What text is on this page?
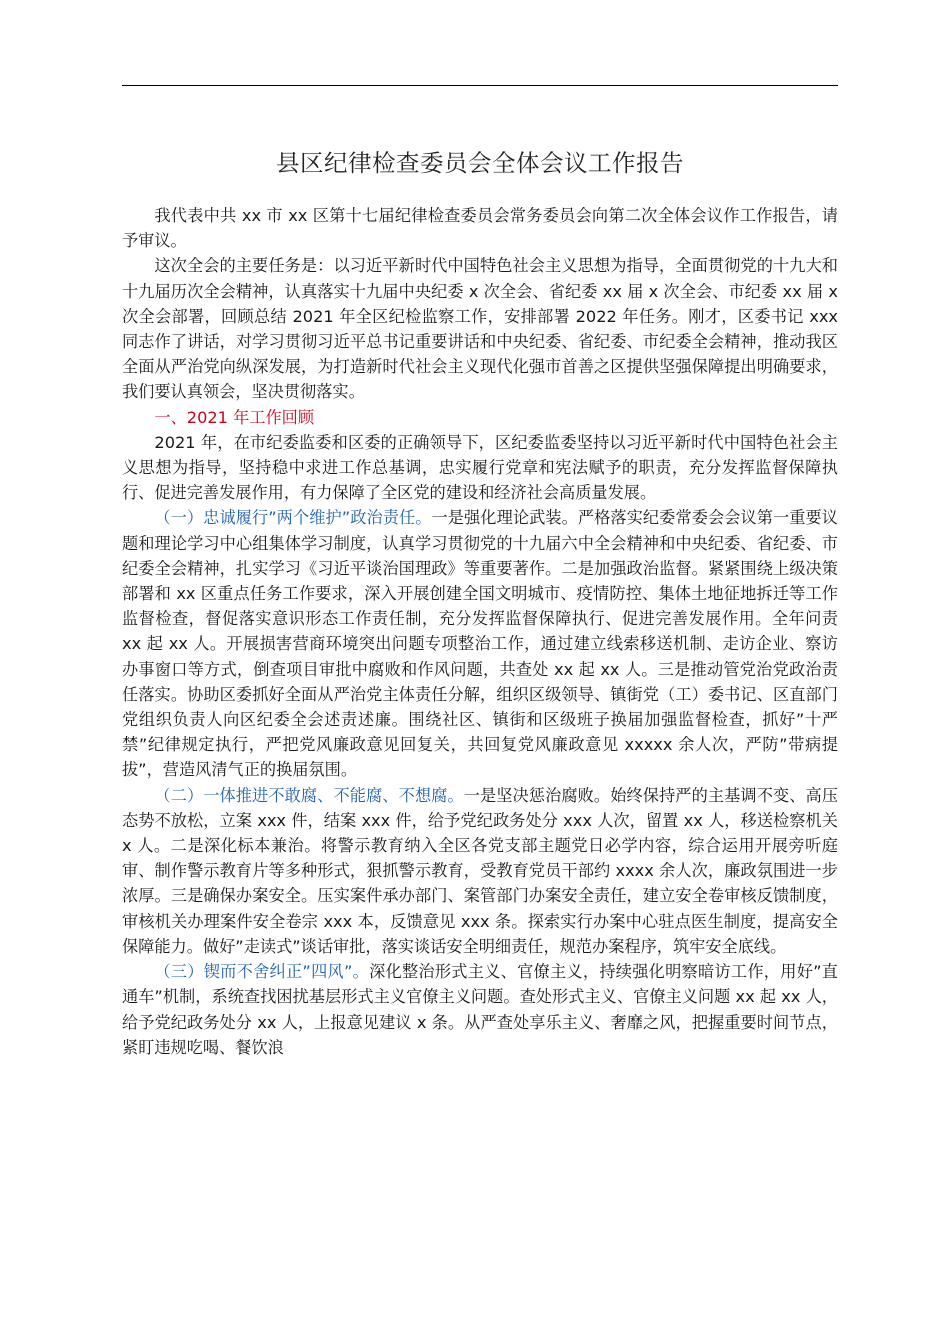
县区纪律检查委员会全体会议工作报告

我代表中共 xx 市 xx 区第十七届纪律检查委员会常务委员会向第二次全体会议作工作报告，请予审议。

这次全会的主要任务是：以习近平新时代中国特色社会主义思想为指导，全面贯彻党的十九大和十九届历次全会精神，认真落实十九届中央纪委 x 次全会、省纪委 xx 届 x 次全会、市纪委 xx 届 x 次全会部署，回顾总结 2021 年全区纪检监察工作，安排部署 2022 年任务。刚才，区委书记 xxx 同志作了讲话，对学习贯彻习近平总书记重要讲话和中央纪委、省纪委、市纪委全会精神，推动我区全面从严治党向纵深发展，为打造新时代社会主义现代化强市首善之区提供坚强保障提出明确要求，我们要认真领会，坚决贯彻落实。

一、2021 年工作回顾

2021 年，在市纪委监委和区委的正确领导下，区纪委监委坚持以习近平新时代中国特色社会主义思想为指导，坚持稳中求进工作总基调，忠实履行党章和宪法赋予的职责，充分发挥监督保障执行、促进完善发展作用，有力保障了全区党的建设和经济社会高质量发展。

（一）忠诚履行”两个维护”政治责任。一是强化理论武装。严格落实纪委常委会会议第一重要议题和理论学习中心组集体学习制度，认真学习贯彻党的十九届六中全会精神和中央纪委、省纪委、市纪委全会精神，扎实学习《习近平谈治国理政》等重要著作。二是加强政治监督。紧紧围绕上级决策部署和 xx 区重点任务工作要求，深入开展创建全国文明城市、疫情防控、集体土地征地拆迁等工作监督检查，督促落实意识形态工作责任制，充分发挥监督保障执行、促进完善发展作用。全年问责 xx 起 xx 人。开展损害营商环境突出问题专项整治工作，通过建立线索移送机制、走访企业、察访办事窗口等方式，倒查项目审批中腐败和作风问题，共查处 xx 起 xx 人。三是推动管党治党政治责任落实。协助区委抓好全面从严治党主体责任分解，组织区级领导、镇街党（工）委书记、区直部门党组织负责人向区纪委全会述责述廉。围绕社区、镇街和区级班子换届加强监督检查，抓好”十严禁”纪律规定执行，严把党风廉政意见回复关，共回复党风廉政意见 xxxxx 余人次，严防”带病提拔”，营造风清气正的换届氛围。

（二）一体推进不敢腐、不能腐、不想腐。一是坚决惩治腐败。始终保持严的主基调不变、高压态势不放松，立案 xxx 件，结案 xxx 件，给予党纪政务处分 xxx 人次，留置 xx 人，移送检察机关 x 人。二是深化标本兼治。将警示教育纳入全区各党支部主题党日必学内容，综合运用开展旁听庭审、制作警示教育片等多种形式，狠抓警示教育，受教育党员干部约 xxxx 余人次，廉政氛围进一步浓厚。三是确保办案安全。压实案件承办部门、案管部门办案安全责任，建立安全卷审核反馈制度，审核机关办理案件安全卷宗 xxx 本，反馈意见 xxx 条。探索实行办案中心驻点医生制度，提高安全保障能力。做好”走读式”谈话审批，落实谈话安全明细责任，规范办案程序，筑牢安全底线。

（三）锲而不舍纠正”四风”。深化整治形式主义、官僚主义，持续强化明察暗访工作，用好”直通车”机制，系统查找困扰基层形式主义官僚主义问题。查处形式主义、官僚主义问题 xx 起 xx 人，给予党纪政务处分 xx 人，上报意见建议 x 条。从严查处享乐主义、奢靡之风，把握重要时间节点，紧盯违规吃喝、餐饮浪
